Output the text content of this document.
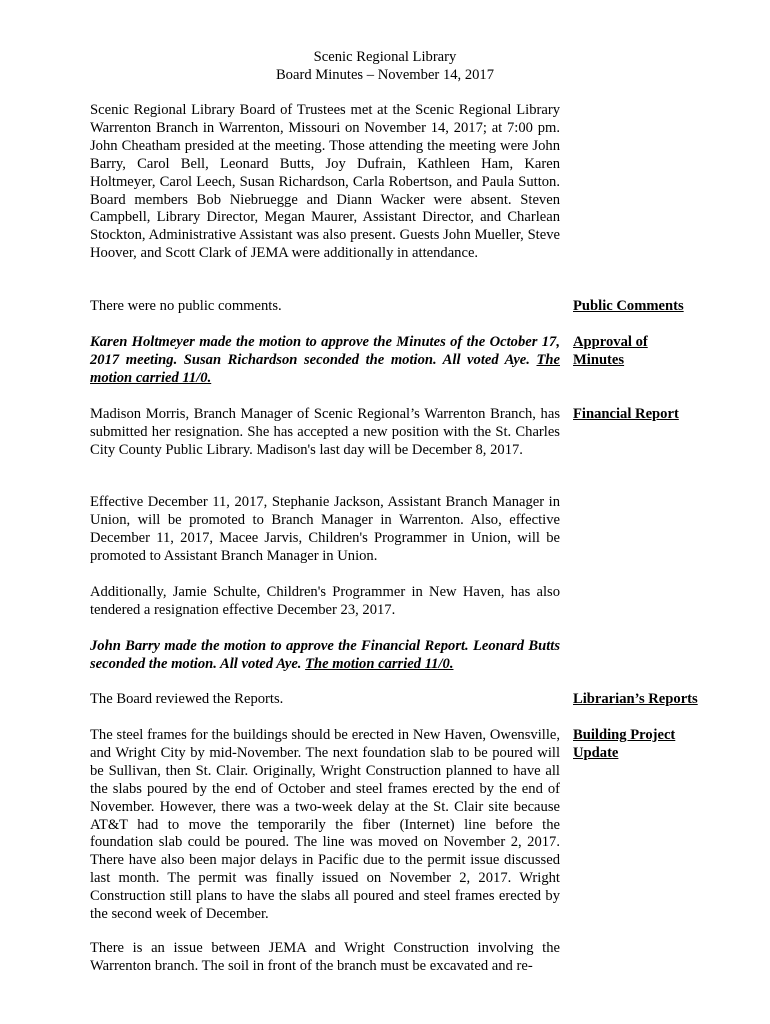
Scenic Regional Library
Board Minutes – November 14, 2017

Scenic Regional Library Board of Trustees met at the Scenic Regional Library Warrenton Branch in Warrenton, Missouri on November 14, 2017; at 7:00 pm. John Cheatham presided at the meeting. Those attending the meeting were John Barry, Carol Bell, Leonard Butts, Joy Dufrain, Kathleen Ham, Karen Holtmeyer, Carol Leech, Susan Richardson, Carla Robertson, and Paula Sutton. Board members Bob Niebruegge and Diann Wacker were absent. Steven Campbell, Library Director, Megan Maurer, Assistant Director, and Charlean Stockton, Administrative Assistant was also present. Guests John Mueller, Steve Hoover, and Scott Clark of JEMA were additionally in attendance.

There were no public comments.	Public Comments

Karen Holtmeyer made the motion to approve the Minutes of the October 17, 2017 meeting. Susan Richardson seconded the motion. All voted Aye. The motion carried 11/0.

Approval of
Minutes

Madison Morris, Branch Manager of Scenic Regional’s Warrenton Branch, has submitted her resignation. She has accepted a new position with the St. Charles City County Public Library. Madison's last day will be December 8, 2017.

Financial Report

Effective December 11, 2017, Stephanie Jackson, Assistant Branch Manager in Union, will be promoted to Branch Manager in Warrenton. Also, effective December 11, 2017, Macee Jarvis, Children's Programmer in Union, will be promoted to Assistant Branch Manager in Union.

Additionally, Jamie Schulte, Children's Programmer in New Haven, has also tendered a resignation effective December 23, 2017.

John Barry made the motion to approve the Financial Report. Leonard Butts seconded the motion. All voted Aye. The motion carried 11/0.

The Board reviewed the Reports.	Librarian’s Reports

The steel frames for the buildings should be erected in New Haven, Owensville, and Wright City by mid-November. The next foundation slab to be poured will be Sullivan, then St. Clair. Originally, Wright Construction planned to have all the slabs poured by the end of October and steel frames erected by the end of November. However, there was a two-week delay at the St. Clair site because AT&T had to move the temporarily the fiber (Internet) line before the foundation slab could be poured. The line was moved on November 2, 2017. There have also been major delays in Pacific due to the permit issue discussed last month. The permit was finally issued on November 2, 2017. Wright Construction still plans to have the slabs all poured and steel frames erected by the second week of December.

Building Project
Update

There is an issue between JEMA and Wright Construction involving the Warrenton branch. The soil in front of the branch must be excavated and re-
